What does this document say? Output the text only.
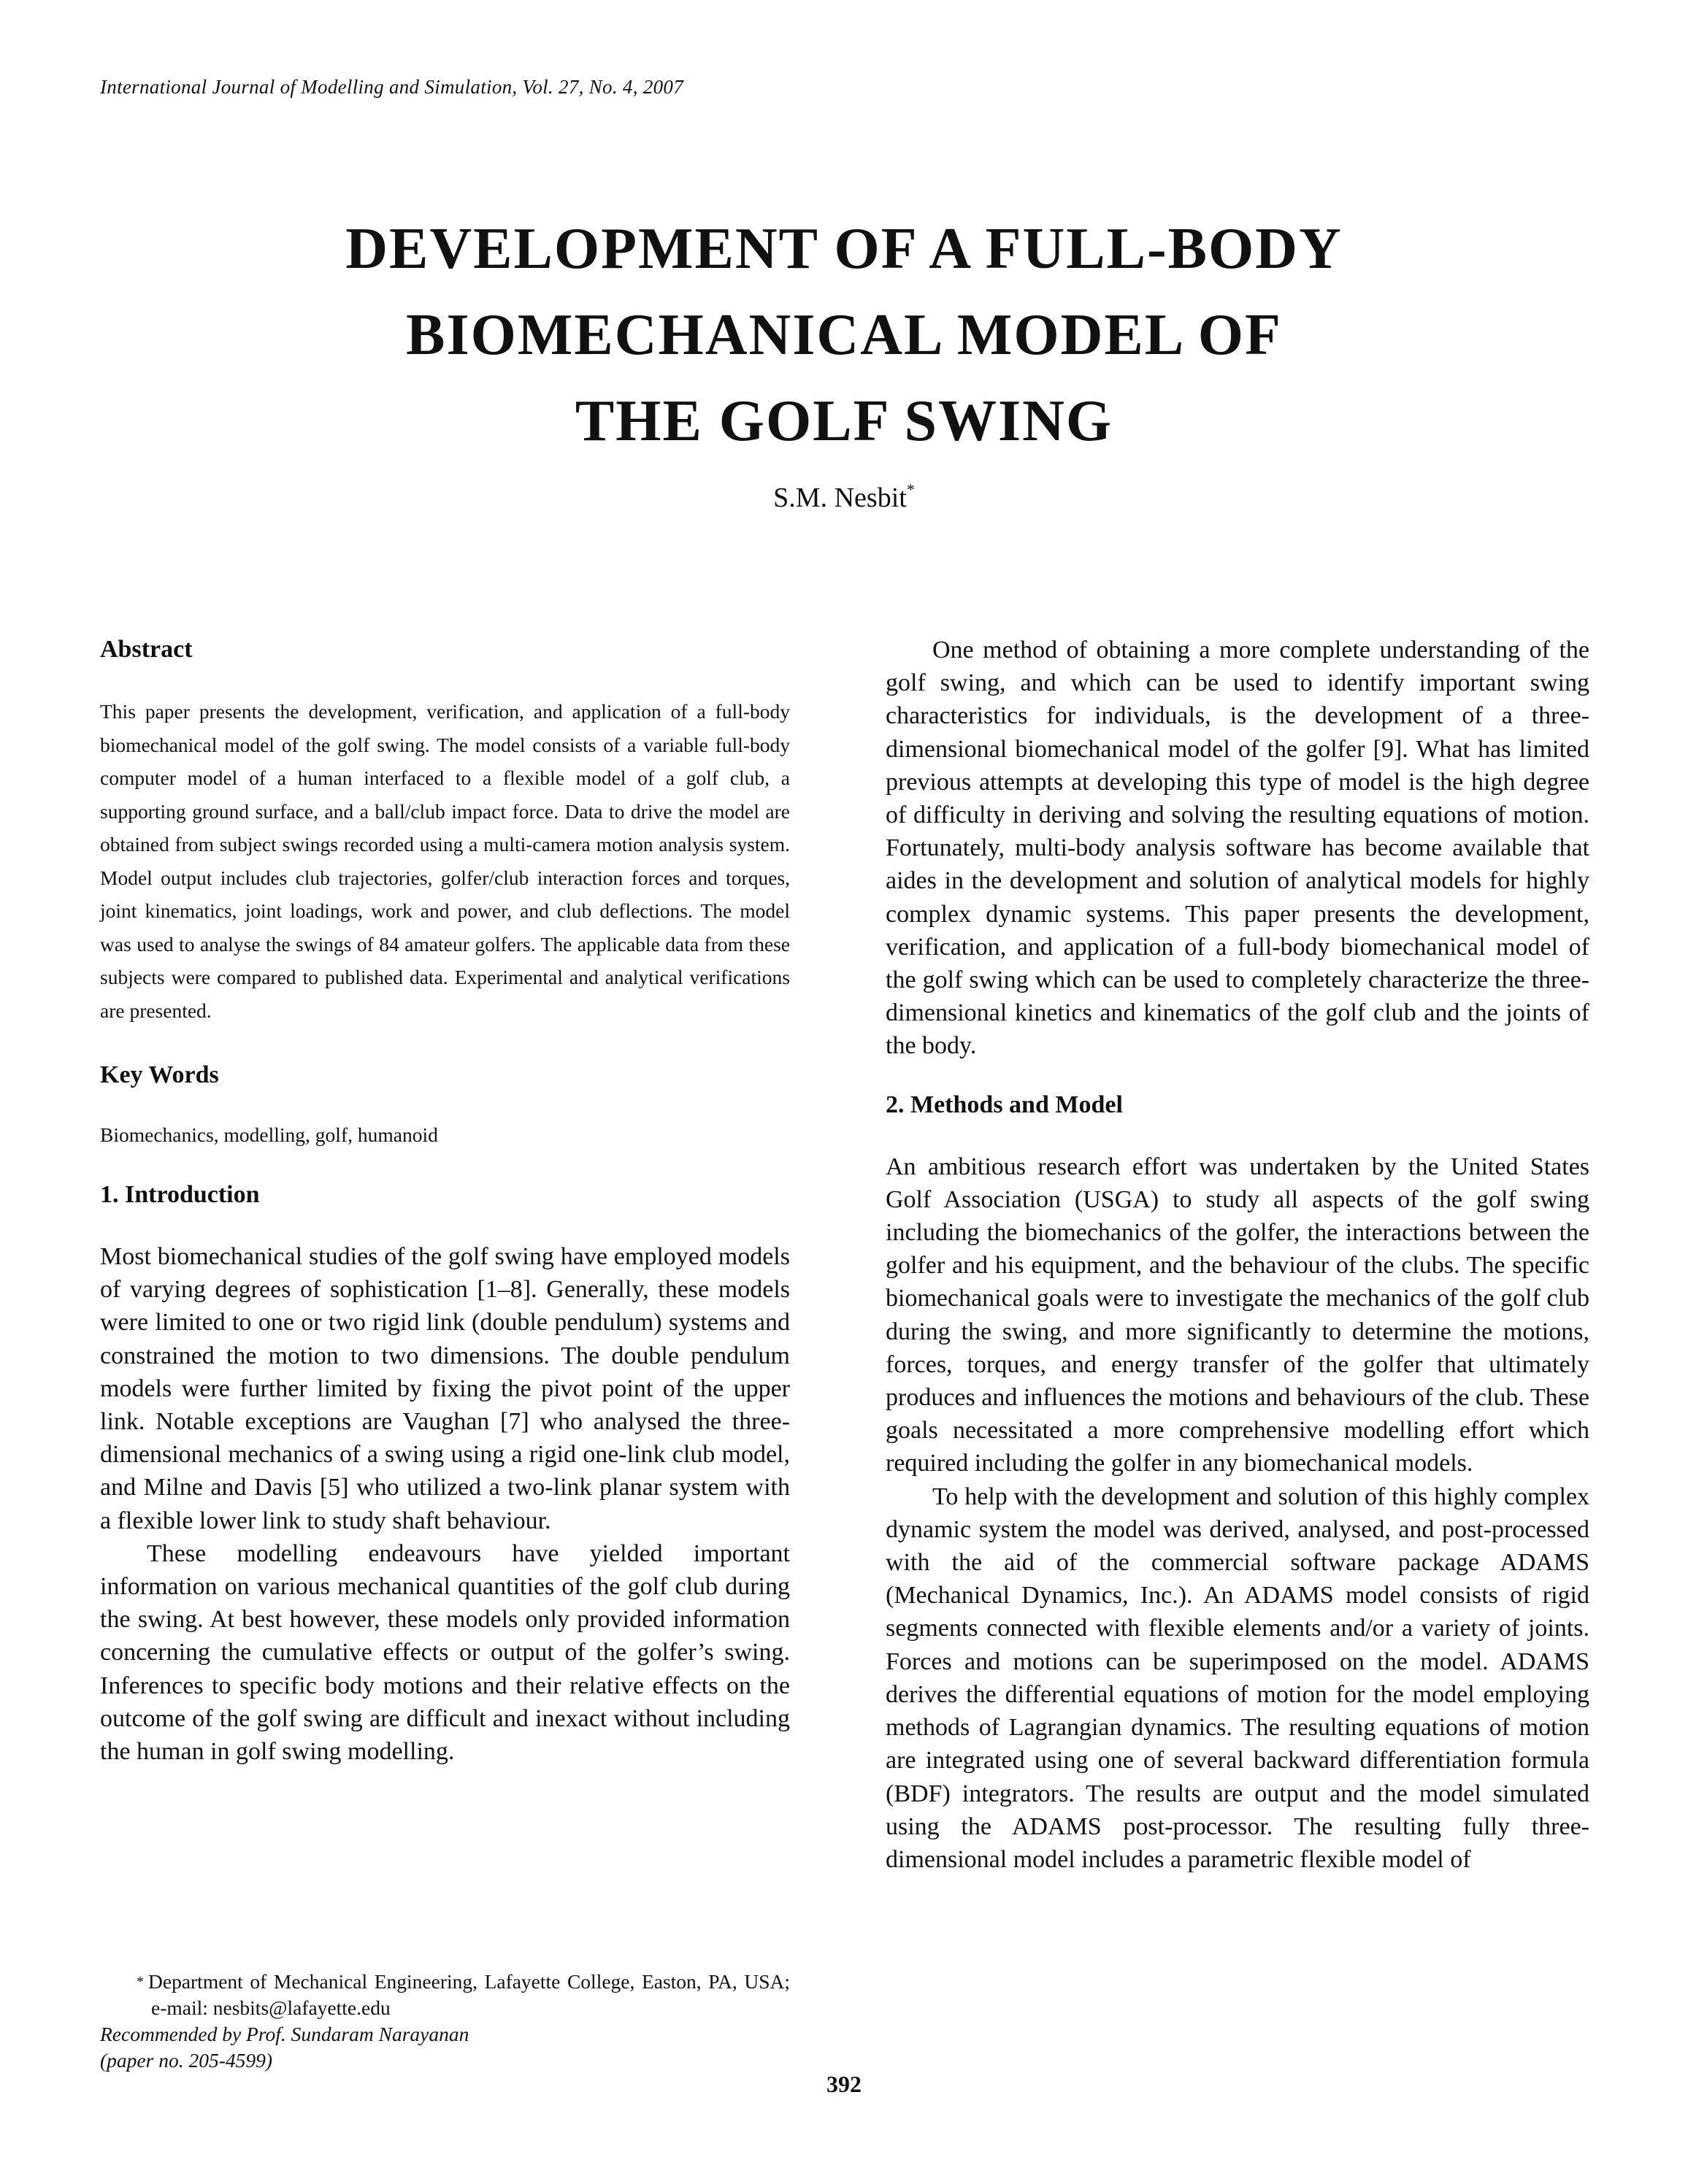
International Journal of Modelling and Simulation, Vol. 27, No. 4, 2007
DEVELOPMENT OF A FULL-BODY
BIOMECHANICAL MODEL OF
THE GOLF SWING
S.M. Nesbit*
Abstract

This paper presents the development, verification, and application of a full-body biomechanical model of the golf swing. The model consists of a variable full-body computer model of a human interfaced to a flexible model of a golf club, a supporting ground surface, and a ball/club impact force. Data to drive the model are obtained from subject swings recorded using a multi-camera motion analysis system. Model output includes club trajectories, golfer/club interaction forces and torques, joint kinematics, joint loadings, work and power, and club deflections. The model was used to analyse the swings of 84 amateur golfers. The applicable data from these subjects were compared to published data. Experimental and analytical verifications are presented.

Key Words

Biomechanics, modelling, golf, humanoid

1. Introduction

Most biomechanical studies of the golf swing have employed models of varying degrees of sophistication [1–8]. Generally, these models were limited to one or two rigid link (double pendulum) systems and constrained the motion to two dimensions. The double pendulum models were further limited by fixing the pivot point of the upper link. Notable exceptions are Vaughan [7] who analysed the three-dimensional mechanics of a swing using a rigid one-link club model, and Milne and Davis [5] who utilized a two-link planar system with a flexible lower link to study shaft behaviour.

These modelling endeavours have yielded important information on various mechanical quantities of the golf club during the swing. At best however, these models only provided information concerning the cumulative effects or output of the golfer’s swing. Inferences to specific body motions and their relative effects on the outcome of the golf swing are difficult and inexact without including the human in golf swing modelling.

One method of obtaining a more complete understanding of the golf swing, and which can be used to identify important swing characteristics for individuals, is the development of a three-dimensional biomechanical model of the golfer [9]. What has limited previous attempts at developing this type of model is the high degree of difficulty in deriving and solving the resulting equations of motion. Fortunately, multi-body analysis software has become available that aides in the development and solution of analytical models for highly complex dynamic systems. This paper presents the development, verification, and application of a full-body biomechanical model of the golf swing which can be used to completely characterize the three-dimensional kinetics and kinematics of the golf club and the joints of the body.

2. Methods and Model

An ambitious research effort was undertaken by the United States Golf Association (USGA) to study all aspects of the golf swing including the biomechanics of the golfer, the interactions between the golfer and his equipment, and the behaviour of the clubs. The specific biomechanical goals were to investigate the mechanics of the golf club during the swing, and more significantly to determine the motions, forces, torques, and energy transfer of the golfer that ultimately produces and influences the motions and behaviours of the club. These goals necessitated a more comprehensive modelling effort which required including the golfer in any biomechanical models.

To help with the development and solution of this highly complex dynamic system the model was derived, analysed, and post-processed with the aid of the commercial software package ADAMS (Mechanical Dynamics, Inc.). An ADAMS model consists of rigid segments connected with flexible elements and/or a variety of joints. Forces and motions can be superimposed on the model. ADAMS derives the differential equations of motion for the model employing methods of Lagrangian dynamics. The resulting equations of motion are integrated using one of several backward differentiation formula (BDF) integrators. The results are output and the model simulated using the ADAMS post-processor. The resulting fully three-dimensional model includes a parametric flexible model of

* Department of Mechanical Engineering, Lafayette College, Easton, PA, USA; e-mail: nesbits@lafayette.edu
Recommended by Prof. Sundaram Narayanan
(paper no. 205-4599)
392
